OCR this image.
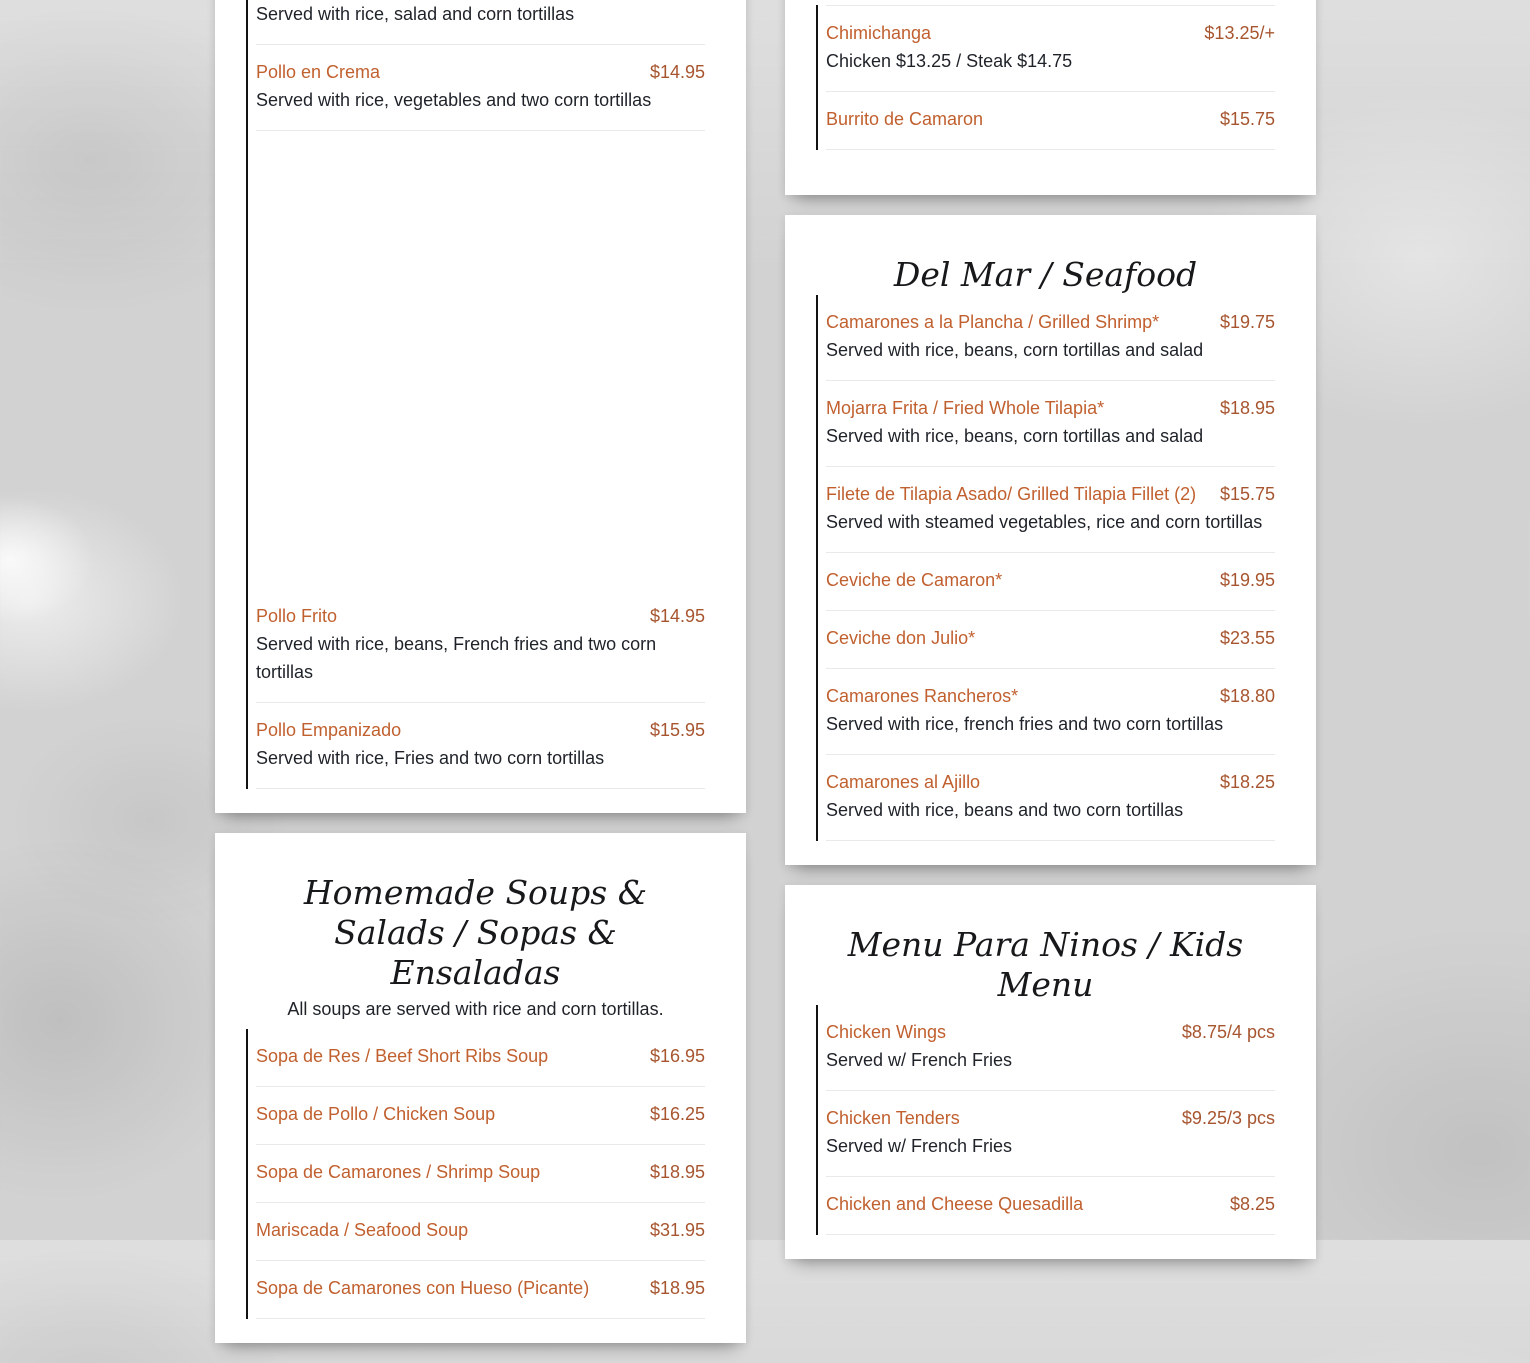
Served with rice, salad and corn tortillas
Pollo en Crema	$14.95
Served with rice, vegetables and two corn tortillas
Pollo Frito	$14.95
Served with rice, beans, French fries and two corn tortillas
Pollo Empanizado	$15.95
Served with rice, Fries and two corn tortillas
Homemade Soups & Salads / Sopas & Ensaladas

All soups are served with rice and corn tortillas.

Sopa de Res / Beef Short Ribs Soup	$16.95
Sopa de Pollo / Chicken Soup	$16.25
Sopa de Camarones / Shrimp Soup	$18.95
Mariscada / Seafood Soup	$31.95
Sopa de Camarones con Hueso (Picante)	$18.95
Chimichanga	$13.25/+
Chicken $13.25 / Steak $14.75
Burrito de Camaron	$15.75
Del Mar / Seafood
Camarones a la Plancha / Grilled Shrimp*	$19.75
Served with rice, beans, corn tortillas and salad
Mojarra Frita / Fried Whole Tilapia*	$18.95
Served with rice, beans, corn tortillas and salad
Filete de Tilapia Asado/ Grilled Tilapia Fillet (2) $15.75
Served with steamed vegetables, rice and corn tortillas
Ceviche de Camaron*	$19.95
Ceviche don Julio*	$23.55
Camarones Rancheros*	$18.80
Served with rice, french fries and two corn tortillas
Camarones al Ajillo	$18.25
Served with rice, beans and two corn tortillas
Menu Para Ninos / Kids Menu
Chicken Wings	$8.75/4 pcs
Served w/ French Fries
Chicken Tenders	$9.25/3 pcs
Served w/ French Fries
Chicken and Cheese Quesadilla	$8.25
